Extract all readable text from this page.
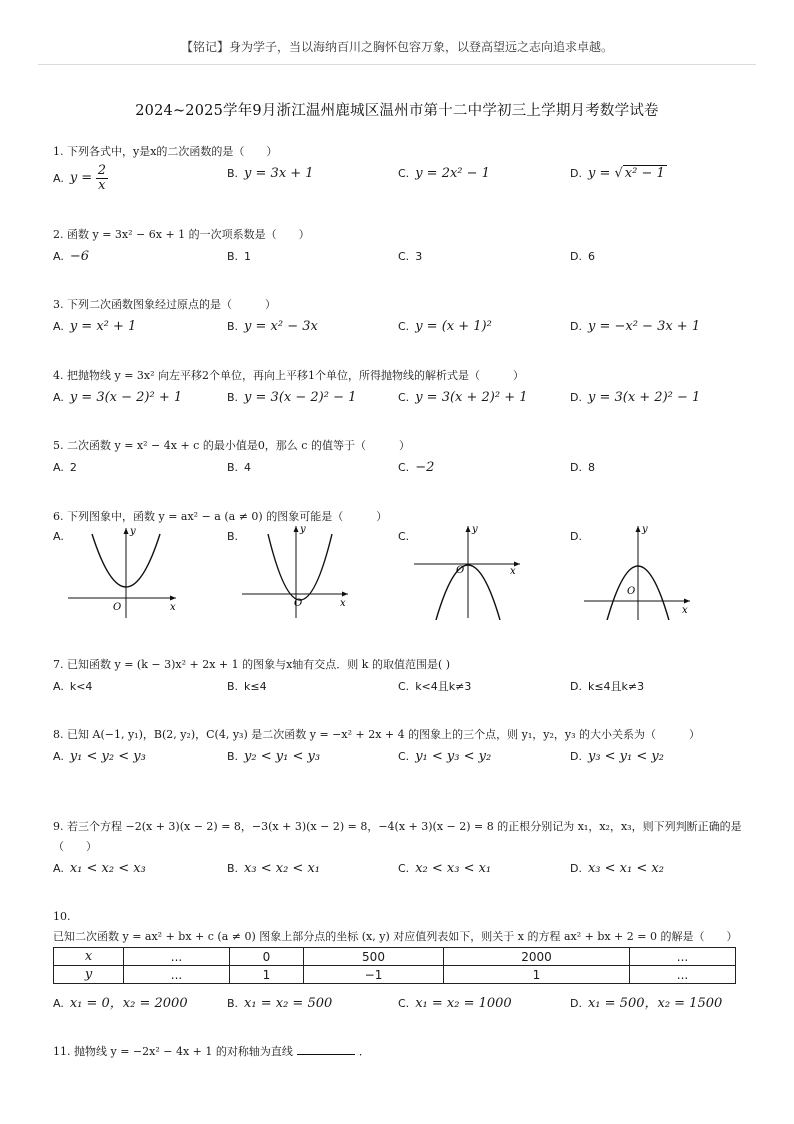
【铭记】身为学子，当以海纳百川之胸怀包容万象，以登高望远之志向追求卓越。
2024~2025学年9月浙江温州鹿城区温州市第十二中学初三上学期月考数学试卷
1. 下列各式中，y是x的二次函数的是（　　）
A. $y = \frac{2}{x}$	B. y = 3x + 1	C. y = 2x² − 1	D. y = √ x² − 1
2. 函数 y = 3x² − 6x + 1 的一次项系数是（　　）
A. −6	B. 1	C. 3	D. 6
3. 下列二次函数图象经过原点的是（　　　）
A. y = x² + 1	B. y = x² − 3x	C. y = (x + 1)²	D. y = −x² − 3x + 1
4. 把抛物线 y = 3x² 向左平移2个单位，再向上平移1个单位，所得抛物线的解析式是（　　　）
A. y = 3(x − 2)² + 1	B. y = 3(x − 2)² − 1	C. y = 3(x + 2)² + 1	D. y = 3(x + 2)² − 1
5. 二次函数 y = x² − 4x + c 的最小值是0，那么 c 的值等于（　　　）
A. 2	B. 4	C. −2	D. 8
6. 下列图象中，函数 y = ax² − a (a ≠ 0) 的图象可能是（　　　）
A.	B.	C.	D.
y
x
O
y
x
O
y
x
O
y
x
O
7. 已知函数 y = (k − 3)x² + 2x + 1 的图象与x轴有交点．则 k 的取值范围是( )
A. k<4	B. k≤4	C. k<4且k≠3	D. k≤4且k≠3
8. 已知 A(−1, y₁)，B(2, y₂)，C(4, y₃) 是二次函数 y = −x² + 2x + 4 的图象上的三个点，则 y₁，y₂，y₃ 的大小关系为（　　　）
A. y₁ < y₂ < y₃	B. y₂ < y₁ < y₃	C. y₁ < y₃ < y₂	D. y₃ < y₁ < y₂
9. 若三个方程 −2(x + 3)(x − 2) = 8，−3(x + 3)(x − 2) = 8，−4(x + 3)(x − 2) = 8 的正根分别记为 x₁，x₂，x₃，则下列判断正确的是（　　）
A. x₁ < x₂ < x₃	B. x₃ < x₂ < x₁	C. x₂ < x₃ < x₁	D. x₃ < x₁ < x₂
10. 已知二次函数 y = ax² + bx + c (a ≠ 0) 图象上部分点的坐标 (x, y) 对应值列表如下，则关于 x 的方程 ax² + bx + 2 = 0 的解是（　　）
x	...	0	500	2000	...
y	...	1	−1	1	...
A. x₁ = 0，x₂ = 2000	B. x₁ = x₂ = 500	C. x₁ = x₂ = 1000	D. x₁ = 500，x₂ = 1500
11. 抛物线 y = −2x² − 4x + 1 的对称轴为直线	．
